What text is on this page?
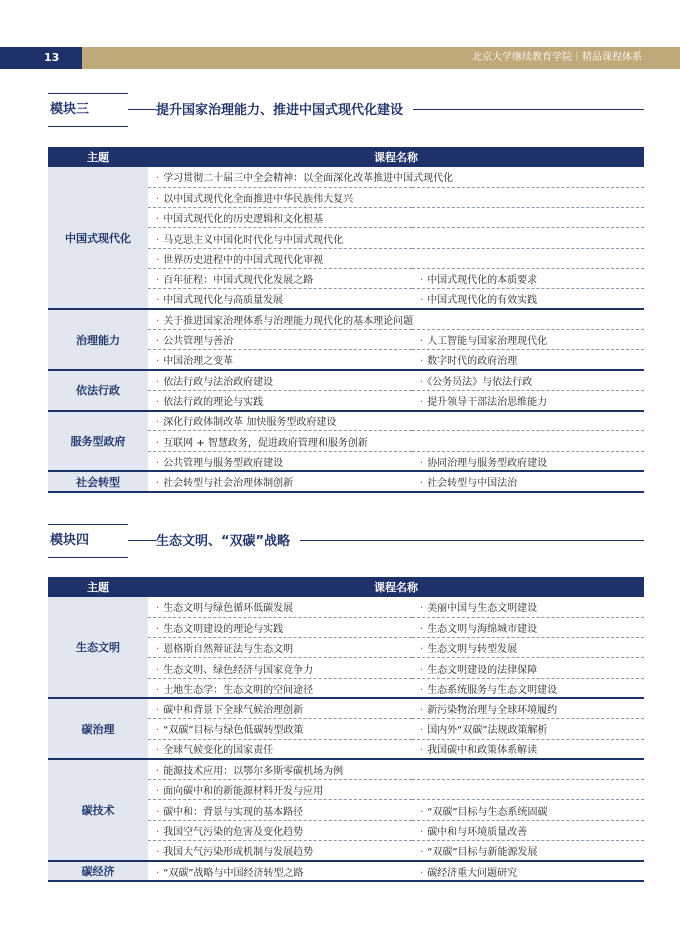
13	北京大学继续教育学院｜精品课程体系
模块三	提升国家治理能力、推进中国式现代化建设
主题	课程名称	
中国式现代化	· 学习贯彻二十届三中全会精神：以全面深化改革推进中国式现代化	
	· 以中国式现代化全面推进中华民族伟大复兴	
	· 中国式现代化的历史逻辑和文化根基	
	· 马克思主义中国化时代化与中国式现代化	
	· 世界历史进程中的中国式现代化审视	
	· 百年征程：中国式现代化发展之路	· 中国式现代化的本质要求
	· 中国式现代化与高质量发展	· 中国式现代化的有效实践
治理能力	· 关于推进国家治理体系与治理能力现代化的基本理论问题	
	· 公共管理与善治	· 人工智能与国家治理现代化
	· 中国治理之变革	· 数字时代的政府治理
依法行政	· 依法行政与法治政府建设	· 《公务员法》与依法行政
	· 依法行政的理论与实践	· 提升领导干部法治思维能力
服务型政府	· 深化行政体制改革 加快服务型政府建设	
	· 互联网 + 智慧政务，促进政府管理和服务创新	
	· 公共管理与服务型政府建设	· 协同治理与服务型政府建设
社会转型	· 社会转型与社会治理体制创新	· 社会转型与中国法治
模块四	生态文明、“双碳”战略
主题	课程名称	
生态文明	· 生态文明与绿色循环低碳发展	· 美丽中国与生态文明建设
	· 生态文明建设的理论与实践	· 生态文明与海绵城市建设
	· 恩格斯自然辩证法与生态文明	· 生态文明与转型发展
	· 生态文明、绿色经济与国家竞争力	· 生态文明建设的法律保障
	· 土地生态学：生态文明的空间途径	· 生态系统服务与生态文明建设
碳治理	· 碳中和背景下全球气候治理创新	· 新污染物治理与全球环境履约
	· “双碳”目标与绿色低碳转型政策	· 国内外“双碳”法规政策解析
	· 全球气候变化的国家责任	· 我国碳中和政策体系解读
碳技术	· 能源技术应用：以鄂尔多斯零碳机场为例	
	· 面向碳中和的新能源材料开发与应用	
	· 碳中和：背景与实现的基本路径	· “双碳”目标与生态系统固碳
	· 我国空气污染的危害及变化趋势	· 碳中和与环境质量改善
	· 我国大气污染形成机制与发展趋势	· “双碳”目标与新能源发展
碳经济	· “双碳”战略与中国经济转型之路	· 碳经济重大问题研究
